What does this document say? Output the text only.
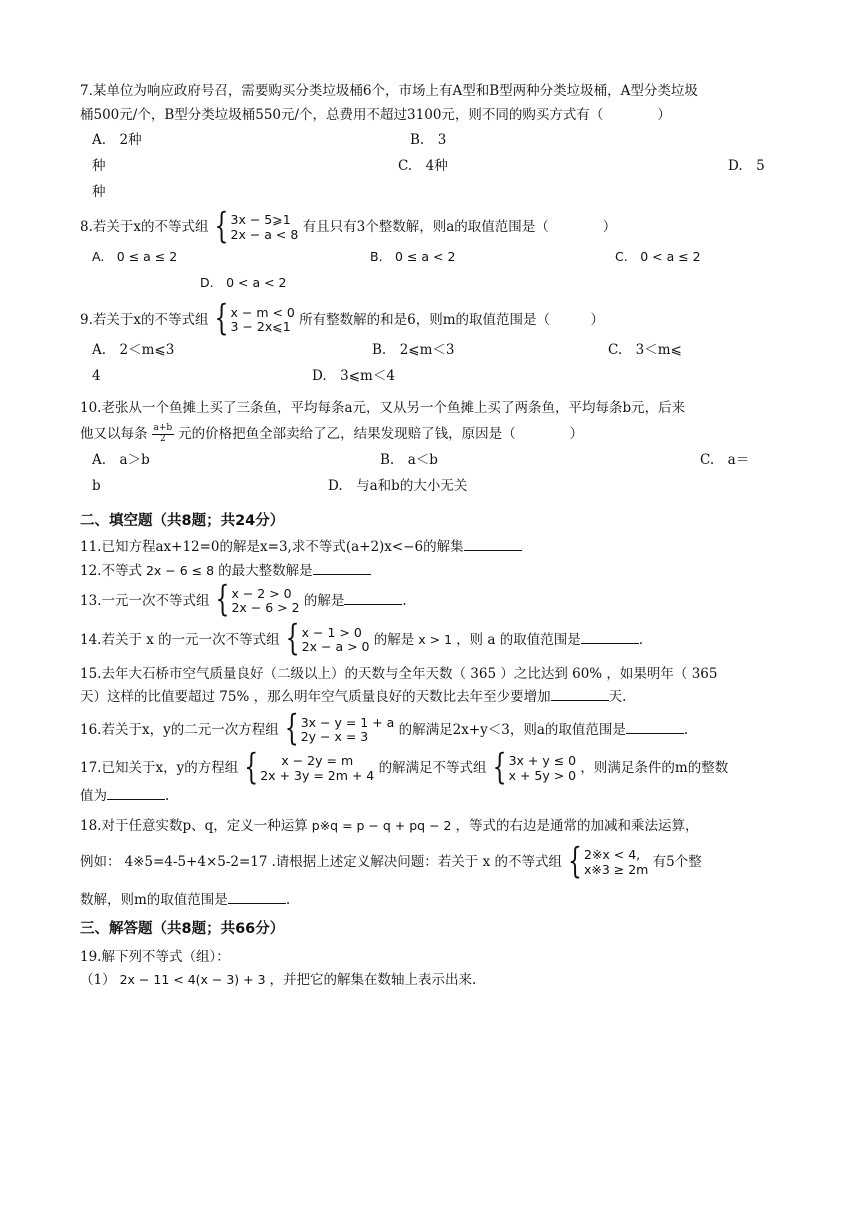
7.某单位为响应政府号召，需要购买分类垃圾桶6个，市场上有A型和B型两种分类垃圾桶，A型分类垃圾
桶500元/个，B型分类垃圾桶550元/个，总费用不超过3100元，则不同的购买方式有（　　　　）
A.　2种	B.　3
种	C.　4种	D.　5
种
8.若关于x的不等式组 { 3x − 5⩾1
2x − a < 8 有且只有3个整数解，则a的取值范围是（　　　　）
A.　0 ≤ a ≤ 2	B.　0 ≤ a < 2	C.　0 < a ≤ 2
D.　0 < a < 2
9.若关于x的不等式组 { x − m < 0
3 − 2x⩽1 所有整数解的和是6，则m的取值范围是（　　　）
A.　2＜m⩽3	B.　2⩽m＜3	C.　3＜m⩽
4	D.　3⩽m＜4
10.老张从一个鱼摊上买了三条鱼，平均每条a元，又从另一个鱼摊上买了两条鱼，平均每条b元，后来
他又以每条 $\frac{a+b}{2}$ 元的价格把鱼全部卖给了乙，结果发现赔了钱，原因是（　　　　）
A.　a＞b	B.　a＜b	C.　a＝
b	D.　与a和b的大小无关
二、填空题（共8题；共24分）
11.已知方程ax+12=0的解是x=3,求不等式(a+2)x<−6的解集
12.不等式 2x − 6 ≤ 8 的最大整数解是
13.一元一次不等式组 { x − 2 > 0
2x − 6 > 2 的解是	.
14.若关于 x 的一元一次不等式组 { x − 1 > 0
2x − a > 0 的解是 x > 1 ，则 a 的取值范围是	.
15.去年大石桥市空气质量良好（二级以上）的天数与全年天数（ 365 ）之比达到 60% ，如果明年（ 365
天）这样的比值要超过 75% ，那么明年空气质量良好的天数比去年至少要增加	天.
16.若关于x，y的二元一次方程组 { 3x − y = 1 + a
2y − x = 3	的解满足2x+y＜3，则a的取值范围是	.
17.已知关于x，y的方程组 {	x − 2y = m
2x + 3y = 2m + 4 的解满足不等式组 { 3x + y ≤ 0
x + 5y > 0 ，则满足条件的m的整数
值为	.
18.对于任意实数p、q，定义一种运算 p※q = p − q + pq − 2 ，等式的右边是通常的加减和乘法运算，
例如： 4※5=4-5+4×5-2=17 .请根据上述定义解决问题：若关于 x 的不等式组 { 2※x < 4,
x※3 ≥ 2m 有5个整
数解，则m的取值范围是	.
三、解答题（共8题；共66分）
19.解下列不等式（组）：
（1） 2x − 11 < 4(x − 3) + 3 ，并把它的解集在数轴上表示出来.
